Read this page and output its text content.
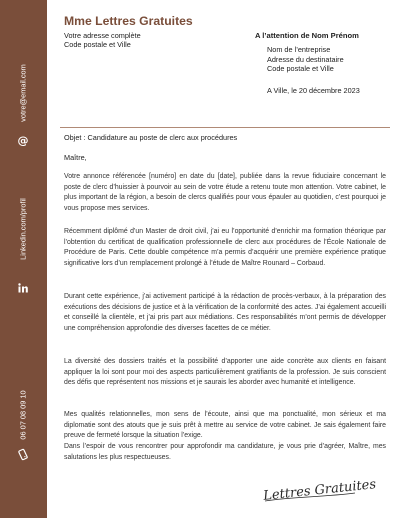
votre@email.com
@
Linkedin.com/profil
06 07 08 09 10
Mme Lettres Gratuites
Votre adresse complète
Code postale et Ville
A l’attention de Nom Prénom
Nom de l’entreprise
Adresse du destinataire
Code postale et Ville
A Ville, le 20 décembre 2023
Objet : Candidature au poste de clerc aux procédures
Maître,

Votre annonce référencée [numéro] en date du [date], publiée dans la revue fiduciaire concernant le poste de clerc d’huissier à pourvoir au sein de votre étude a retenu toute mon attention. Votre cabinet, le plus important de la région, a besoin de clercs qualifiés pour vous épauler au quotidien, c’est pourquoi je vous propose mes services.

Récemment diplômé d’un Master de droit civil, j’ai eu l’opportunité d’enrichir ma formation théorique par l’obtention du certificat de qualification professionnelle de clerc aux procédures de l’École Nationale de Procédure de Paris. Cette double compétence m’a permis d’acquérir une première expérience pratique significative lors d’un remplacement prolongé à l’étude de Maître Rounard – Corbaud.

Durant cette expérience, j’ai activement participé à la rédaction de procès-verbaux, à la préparation des exécutions des décisions de justice et à la vérification de la conformité des actes. J’ai également accueilli et conseillé la clientèle, et j’ai pris part aux médiations. Ces responsabilités m’ont permis de développer une compréhension approfondie des diverses facettes de ce métier.

La diversité des dossiers traités et la possibilité d’apporter une aide concrète aux clients en faisant appliquer la loi sont pour moi des aspects particulièrement gratifiants de la profession. Je suis conscient des défis que représentent nos missions et je saurais les aborder avec humanité et intelligence.

Mes qualités relationnelles, mon sens de l’écoute, ainsi que ma ponctualité, mon sérieux et ma diplomatie sont des atouts que je suis prêt à mettre au service de votre cabinet. Je sais également faire preuve de fermeté lorsque la situation l’exige.

Dans l’espoir de vous rencontrer pour approfondir ma candidature, je vous prie d’agréer, Maître, mes salutations les plus respectueuses.

Lettres Gratuites
